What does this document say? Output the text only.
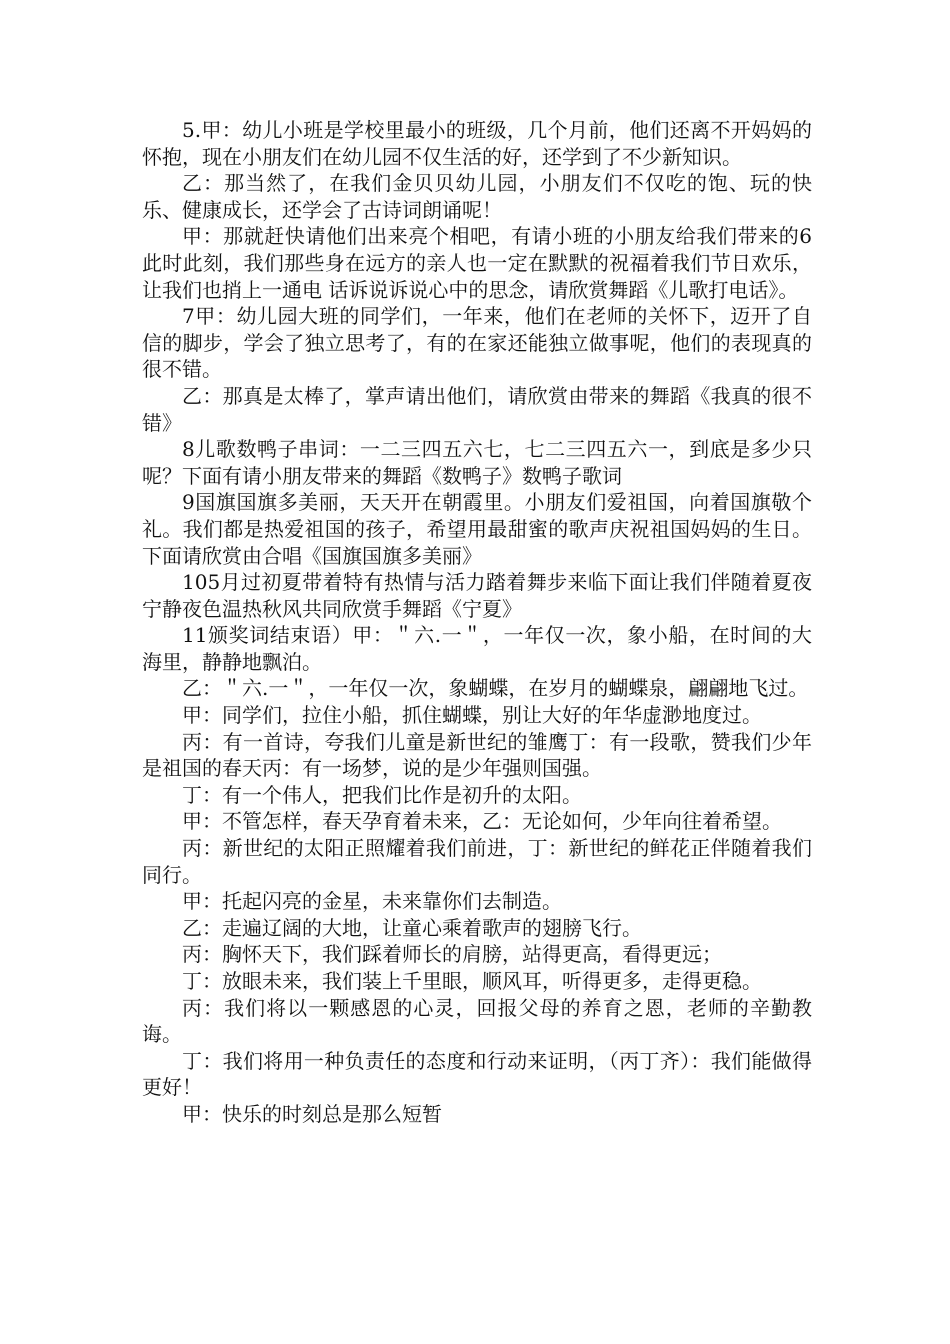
5.甲：幼儿小班是学校里最小的班级，几个月前，他们还离不开妈妈的怀抱，现在小朋友们在幼儿园不仅生活的好，还学到了不少新知识。

乙：那当然了，在我们金贝贝幼儿园，小朋友们不仅吃的饱、玩的快乐、健康成长，还学会了古诗词朗诵呢！

甲：那就赶快请他们出来亮个相吧，有请小班的小朋友给我们带来的6此时此刻，我们那些身在远方的亲人也一定在默默的祝福着我们节日欢乐，让我们也捎上一通电 话诉说诉说心中的思念，请欣赏舞蹈《儿歌打电话》。

7甲：幼儿园大班的同学们，一年来，他们在老师的关怀下，迈开了自信的脚步，学会了独立思考了，有的在家还能独立做事呢，他们的表现真的很不错。

乙：那真是太棒了，掌声请出他们，请欣赏由带来的舞蹈《我真的很不错》

8儿歌数鸭子串词：一二三四五六七，七二三四五六一，到底是多少只呢？下面有请小朋友带来的舞蹈《数鸭子》数鸭子歌词

9国旗国旗多美丽，天天开在朝霞里。小朋友们爱祖国，向着国旗敬个礼。我们都是热爱祖国的孩子，希望用最甜蜜的歌声庆祝祖国妈妈的生日。下面请欣赏由合唱《国旗国旗多美丽》

105月过初夏带着特有热情与活力踏着舞步来临下面让我们伴随着夏夜宁静夜色温热秋风共同欣赏手舞蹈《宁夏》

11颁奖词结束语）甲：＂六.一＂，一年仅一次，象小船，在时间的大海里，静静地飘泊。

乙：＂六.一＂，一年仅一次，象蝴蝶，在岁月的蝴蝶泉，翩翩地飞过。

甲：同学们，拉住小船，抓住蝴蝶，别让大好的年华虚渺地度过。

丙：有一首诗，夸我们儿童是新世纪的雏鹰丁：有一段歌，赞我们少年是祖国的春天丙：有一场梦，说的是少年强则国强。

丁：有一个伟人，把我们比作是初升的太阳。

甲：不管怎样，春天孕育着未来，乙：无论如何，少年向往着希望。

丙：新世纪的太阳正照耀着我们前进，丁：新世纪的鲜花正伴随着我们同行。

甲：托起闪亮的金星，未来靠你们去制造。

乙：走遍辽阔的大地，让童心乘着歌声的翅膀飞行。

丙：胸怀天下，我们踩着师长的肩膀，站得更高，看得更远；

丁：放眼未来，我们装上千里眼，顺风耳，听得更多，走得更稳。

丙：我们将以一颗感恩的心灵，回报父母的养育之恩，老师的辛勤教诲。

丁：我们将用一种负责任的态度和行动来证明，（丙丁齐）：我们能做得更好！

甲：快乐的时刻总是那么短暂
